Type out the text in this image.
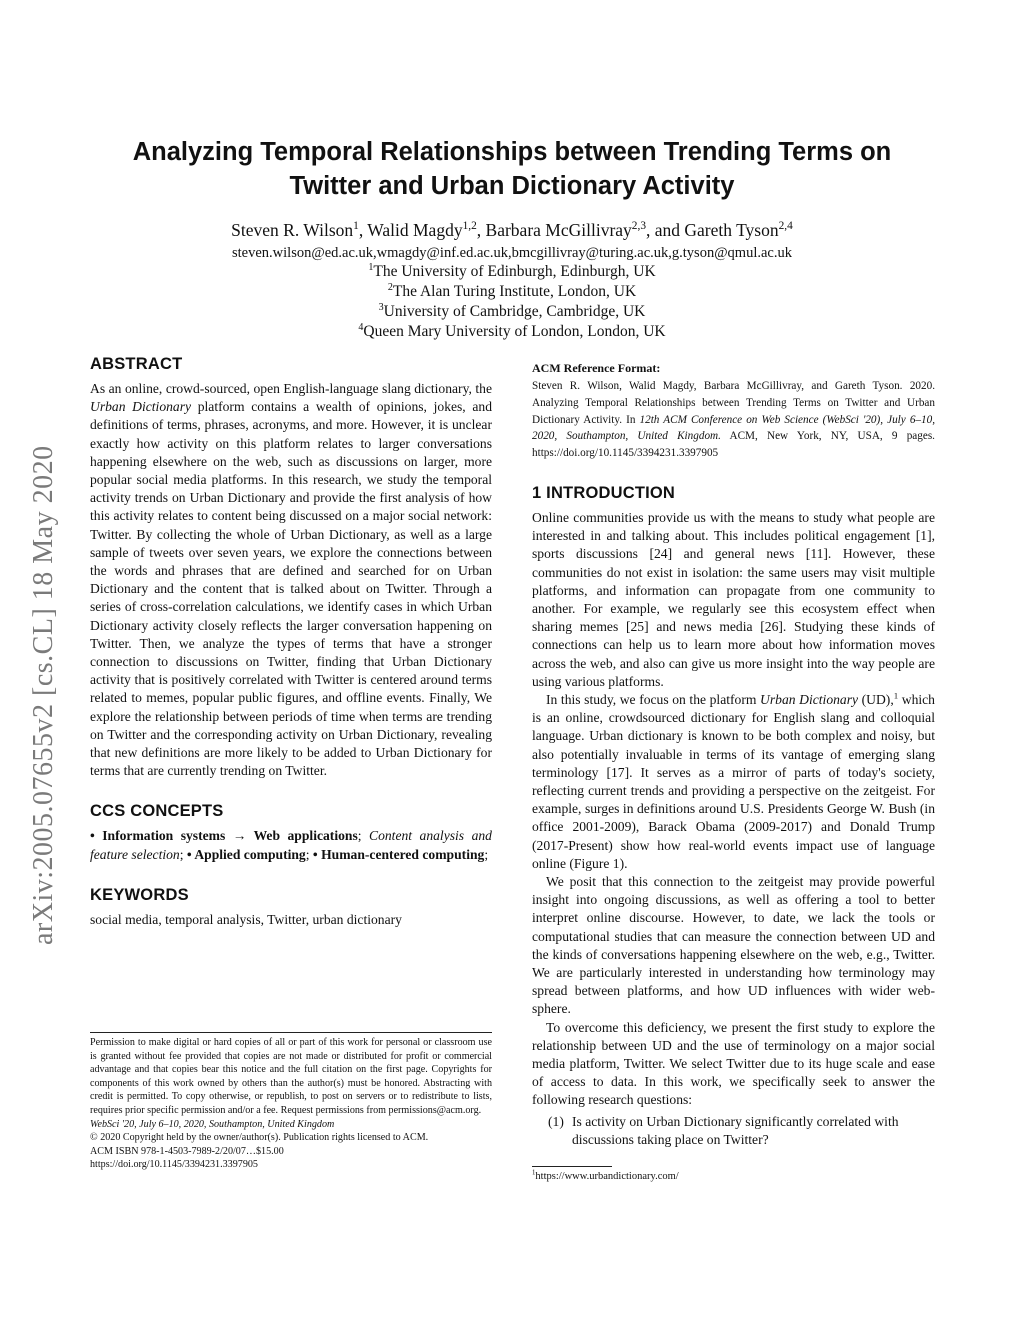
arXiv:2005.07655v2 [cs.CL] 18 May 2020
Analyzing Temporal Relationships between Trending Terms on
Twitter and Urban Dictionary Activity
Steven R. Wilson$^1$, Walid Magdy$^{1,2}$, Barbara McGillivray$^{2,3}$, and Gareth Tyson$^{2,4}$
steven.wilson@ed.ac.uk,wmagdy@inf.ed.ac.uk,bmcgillivray@turing.ac.uk,g.tyson@qmul.ac.uk
$^1$The University of Edinburgh, Edinburgh, UK
$^2$The Alan Turing Institute, London, UK
$^3$University of Cambridge, Cambridge, UK
$^4$Queen Mary University of London, London, UK
ABSTRACT

As an online, crowd-sourced, open English-language slang dictionary, the Urban Dictionary platform contains a wealth of opinions, jokes, and definitions of terms, phrases, acronyms, and more. However, it is unclear exactly how activity on this platform relates to larger conversations happening elsewhere on the web, such as discussions on larger, more popular social media platforms. In this research, we study the temporal activity trends on Urban Dictionary and provide the first analysis of how this activity relates to content being discussed on a major social network: Twitter. By collecting the whole of Urban Dictionary, as well as a large sample of tweets over seven years, we explore the connections between the words and phrases that are defined and searched for on Urban Dictionary and the content that is talked about on Twitter. Through a series of cross-correlation calculations, we identify cases in which Urban Dictionary activity closely reflects the larger conversation happening on Twitter. Then, we analyze the types of terms that have a stronger connection to discussions on Twitter, finding that Urban Dictionary activity that is positively correlated with Twitter is centered around terms related to memes, popular public figures, and offline events. Finally, We explore the relationship between periods of time when terms are trending on Twitter and the corresponding activity on Urban Dictionary, revealing that new definitions are more likely to be added to Urban Dictionary for terms that are currently trending on Twitter.

CCS CONCEPTS

• Information systems → Web applications; Content analysis and feature selection; • Applied computing; • Human-centered computing;

KEYWORDS

social media, temporal analysis, Twitter, urban dictionary

Permission to make digital or hard copies of all or part of this work for personal or classroom use is granted without fee provided that copies are not made or distributed for profit or commercial advantage and that copies bear this notice and the full citation on the first page. Copyrights for components of this work owned by others than the author(s) must be honored. Abstracting with credit is permitted. To copy otherwise, or republish, to post on servers or to redistribute to lists, requires prior specific permission and/or a fee. Request permissions from permissions@acm.org.
WebSci '20, July 6–10, 2020, Southampton, United Kingdom
© 2020 Copyright held by the owner/author(s). Publication rights licensed to ACM.
ACM ISBN 978-1-4503-7989-2/20/07…$15.00
https://doi.org/10.1145/3394231.3397905
ACM Reference Format:

Steven R. Wilson, Walid Magdy, Barbara McGillivray, and Gareth Tyson. 2020. Analyzing Temporal Relationships between Trending Terms on Twitter and Urban Dictionary Activity. In 12th ACM Conference on Web Science (WebSci '20), July 6–10, 2020, Southampton, United Kingdom. ACM, New York, NY, USA, 9 pages. https://doi.org/10.1145/3394231.3397905

1 INTRODUCTION

Online communities provide us with the means to study what people are interested in and talking about. This includes political engagement [1], sports discussions [24] and general news [11]. However, these communities do not exist in isolation: the same users may visit multiple platforms, and information can propagate from one community to another. For example, we regularly see this ecosystem effect when sharing memes [25] and news media [26]. Studying these kinds of connections can help us to learn more about how information moves across the web, and also can give us more insight into the way people are using various platforms.

In this study, we focus on the platform Urban Dictionary (UD),$^1$ which is an online, crowdsourced dictionary for English slang and colloquial language. Urban dictionary is known to be both complex and noisy, but also potentially invaluable in terms of its vantage of emerging slang terminology [17]. It serves as a mirror of parts of today's society, reflecting current trends and providing a perspective on the zeitgeist. For example, surges in definitions around U.S. Presidents George W. Bush (in office 2001-2009), Barack Obama (2009-2017) and Donald Trump (2017-Present) show how real-world events impact use of language online (Figure 1).

We posit that this connection to the zeitgeist may provide powerful insight into ongoing discussions, as well as offering a tool to better interpret online discourse. However, to date, we lack the tools or computational studies that can measure the connection between UD and the kinds of conversations happening elsewhere on the web, e.g., Twitter. We are particularly interested in understanding how terminology may spread between platforms, and how UD influences with wider web-sphere.

To overcome this deficiency, we present the first study to explore the relationship between UD and the use of terminology on a major social media platform, Twitter. We select Twitter due to its huge scale and ease of access to data. In this work, we specifically seek to answer the following research questions:

(1) Is activity on Urban Dictionary significantly correlated with discussions taking place on Twitter?
$^1$https://www.urbandictionary.com/
